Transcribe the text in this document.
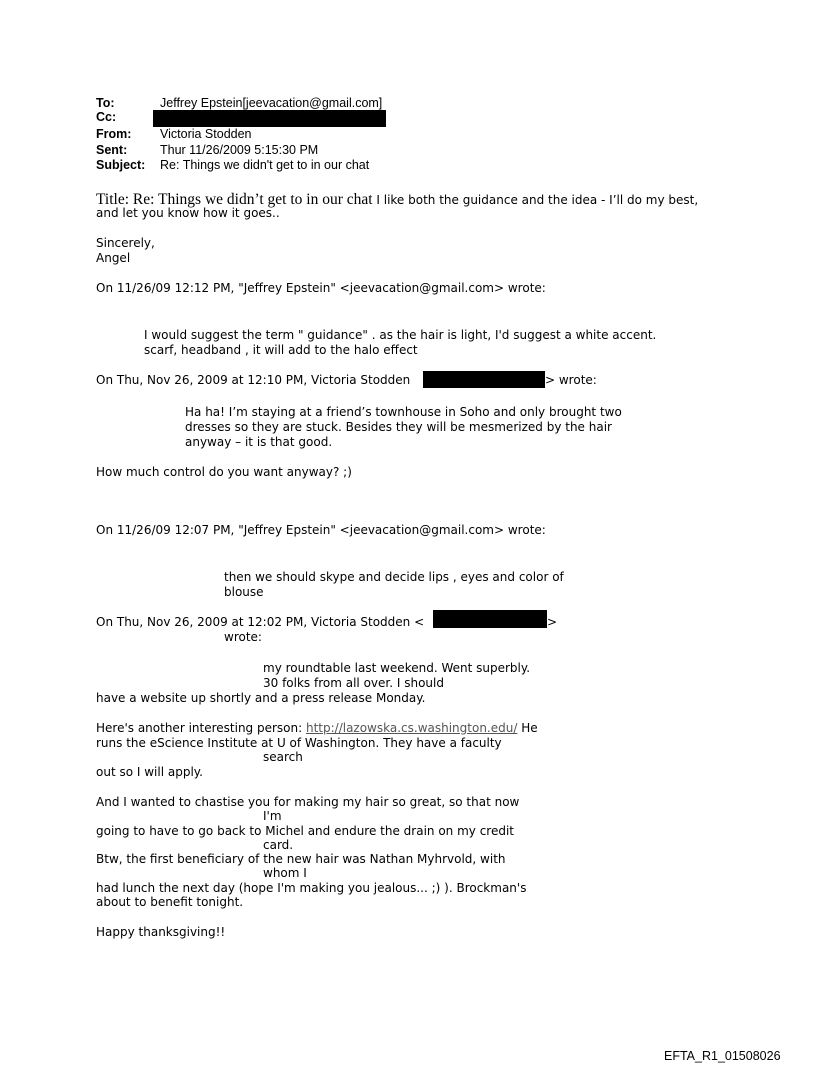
To:	Jeffrey Epstein[jeevacation@gmail.com]
Cc:
From: Victoria Stodden
Sent:	Thur 11/26/2009 5:15:30 PM
Subject: Re: Things we didn't get to in our chat
Title: Re: Things we didn’t get to in our chat I like both the guidance and the idea - I’ll do my best,
and let you know how it goes..
Sincerely,
Angel
On 11/26/09 12:12 PM, "Jeffrey Epstein" <jeevacation@gmail.com> wrote:
I would suggest the term " guidance" . as the hair is light, I'd suggest a white accent.
scarf, headband , it will add to the halo effect
On Thu, Nov 26, 2009 at 12:10 PM, Victoria Stodden	> wrote:
Ha ha! I’m staying at a friend’s townhouse in Soho and only brought two
dresses so they are stuck. Besides they will be mesmerized by the hair
anyway – it is that good.
How much control do you want anyway? ;)
On 11/26/09 12:07 PM, "Jeffrey Epstein" <jeevacation@gmail.com> wrote:
then we should skype and decide lips , eyes and color of
blouse
On Thu, Nov 26, 2009 at 12:02 PM, Victoria Stodden <	>
wrote:
my roundtable last weekend. Went superbly.
30 folks from all over. I should
have a website up shortly and a press release Monday.
Here's another interesting person: http://lazowska.cs.washington.edu/ He
runs the eScience Institute at U of Washington. They have a faculty
search
out so I will apply.
And I wanted to chastise you for making my hair so great, so that now
I'm
going to have to go back to Michel and endure the drain on my credit
card.
Btw, the first beneficiary of the new hair was Nathan Myhrvold, with
whom I
had lunch the next day (hope I'm making you jealous... ;) ). Brockman's
about to benefit tonight.
Happy thanksgiving!!
EFTA_R1_01508026
